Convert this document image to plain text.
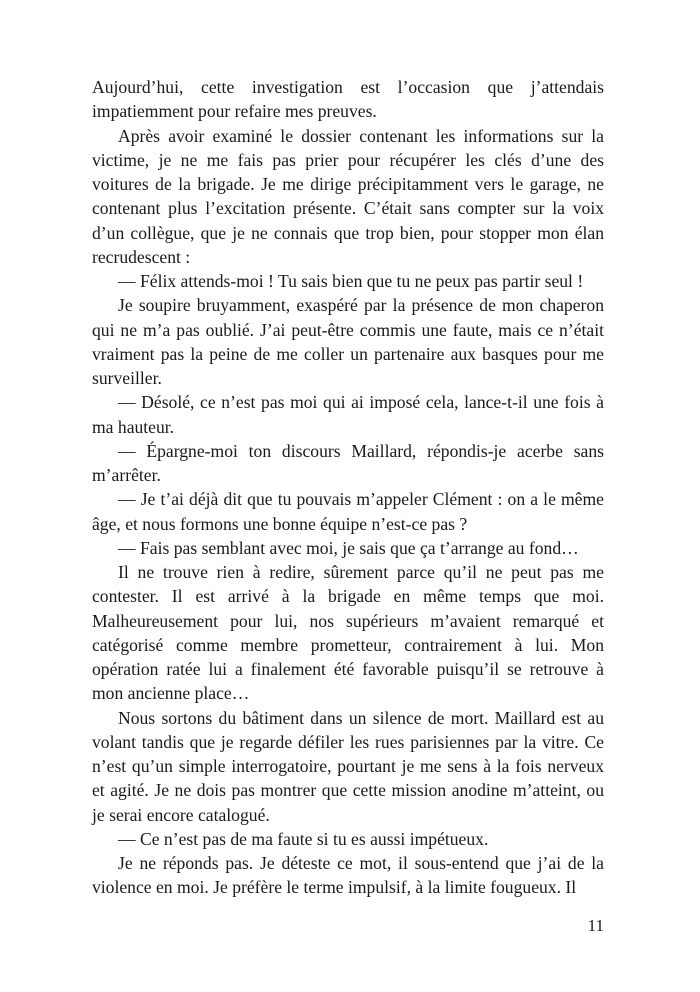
Aujourd’hui, cette investigation est l’occasion que j’attendais impatiemment pour refaire mes preuves.

Après avoir examiné le dossier contenant les informations sur la victime, je ne me fais pas prier pour récupérer les clés d’une des voitures de la brigade. Je me dirige précipitamment vers le garage, ne contenant plus l’excitation présente. C’était sans compter sur la voix d’un collègue, que je ne connais que trop bien, pour stopper mon élan recrudescent :

— Félix attends-moi ! Tu sais bien que tu ne peux pas partir seul !

Je soupire bruyamment, exaspéré par la présence de mon chaperon qui ne m’a pas oublié. J’ai peut-être commis une faute, mais ce n’était vraiment pas la peine de me coller un partenaire aux basques pour me surveiller.

— Désolé, ce n’est pas moi qui ai imposé cela, lance-t-il une fois à ma hauteur.

— Épargne-moi ton discours Maillard, répondis-je acerbe sans m’arrêter.

— Je t’ai déjà dit que tu pouvais m’appeler Clément : on a le même âge, et nous formons une bonne équipe n’est-ce pas ?

— Fais pas semblant avec moi, je sais que ça t’arrange au fond…

Il ne trouve rien à redire, sûrement parce qu’il ne peut pas me contester. Il est arrivé à la brigade en même temps que moi. Malheureusement pour lui, nos supérieurs m’avaient remarqué et catégorisé comme membre prometteur, contrairement à lui. Mon opération ratée lui a finalement été favorable puisqu’il se retrouve à mon ancienne place…

Nous sortons du bâtiment dans un silence de mort. Maillard est au volant tandis que je regarde défiler les rues parisiennes par la vitre. Ce n’est qu’un simple interrogatoire, pourtant je me sens à la fois nerveux et agité. Je ne dois pas montrer que cette mission anodine m’atteint, ou je serai encore catalogué.

— Ce n’est pas de ma faute si tu es aussi impétueux.

Je ne réponds pas. Je déteste ce mot, il sous-entend que j’ai de la violence en moi. Je préfère le terme impulsif, à la limite fougueux. Il

11
